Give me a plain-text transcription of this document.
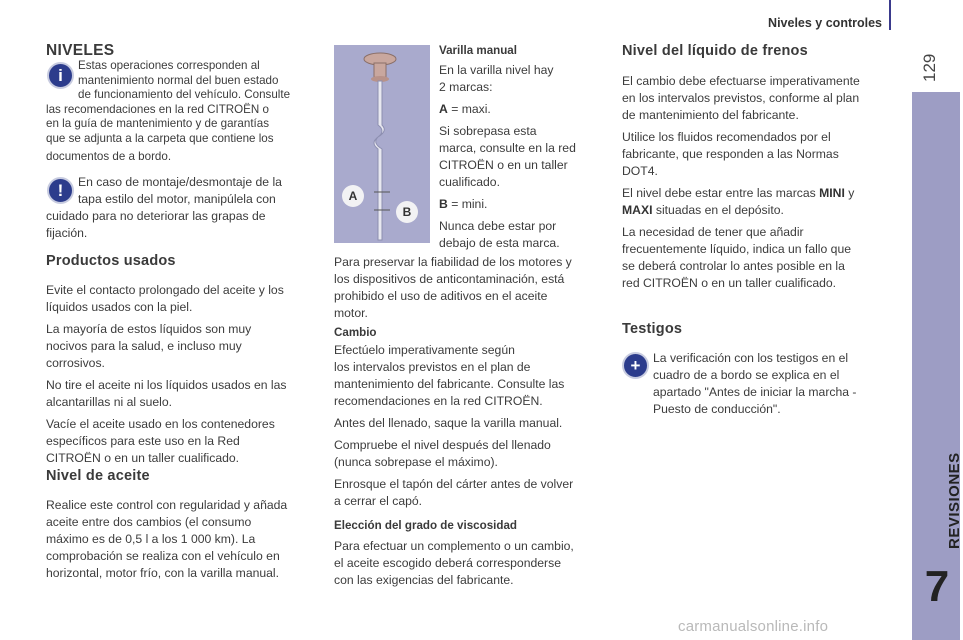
Niveles y controles
129
REVISIONES
7
NIVELES
i
Estas operaciones corresponden al
mantenimiento normal del buen estado
de funcionamiento del vehículo. Consulte
las recomendaciones en la red CITROËN o
en la guía de mantenimiento y de garantías
que se adjunta a la carpeta que contiene los
documentos de a bordo.
!	En caso de montaje/desmontaje de la
tapa estilo del motor, manipúlela con
cuidado para no deteriorar las grapas de
fijación.
Productos usados
Evite el contacto prolongado del aceite y los
líquidos usados con la piel.
La mayoría de estos líquidos son muy
nocivos para la salud, e incluso muy
corrosivos.
No tire el aceite ni los líquidos usados en las
alcantarillas ni al suelo.
Vacíe el aceite usado en los contenedores
específicos para este uso en la Red
CITROËN o en un taller cualificado.
Nivel de aceite
Realice este control con regularidad y añada
aceite entre dos cambios (el consumo
máximo es de 0,5 l a los 1 000 km). La
comprobación se realiza con el vehículo en
horizontal, motor frío, con la varilla manual.
A
B
Varilla manual
En la varilla nivel hay
2 marcas:
A = maxi.
Si sobrepasa esta
marca, consulte en la red
CITROËN o en un taller
cualificado.
B = mini.
Nunca debe estar por
debajo de esta marca.
Para preservar la fiabilidad de los motores y
los dispositivos de anticontaminación, está
prohibido el uso de aditivos en el aceite
motor.
Cambio
Efectúelo imperativamente según
los intervalos previstos en el plan de
mantenimiento del fabricante. Consulte las
recomendaciones en la red CITROËN.
Antes del llenado, saque la varilla manual.
Compruebe el nivel después del llenado
(nunca sobrepase el máximo).
Enrosque el tapón del cárter antes de volver
a cerrar el capó.
Elección del grado de viscosidad
Para efectuar un complemento o un cambio,
el aceite escogido deberá corresponderse
con las exigencias del fabricante.
Nivel del líquido de frenos
El cambio debe efectuarse imperativamente
en los intervalos previstos, conforme al plan
de mantenimiento del fabricante.
Utilice los fluidos recomendados por el
fabricante, que responden a las Normas
DOT4.
El nivel debe estar entre las marcas MINI y
MAXI situadas en el depósito.
La necesidad de tener que añadir
frecuentemente líquido, indica un fallo que
se deberá controlar lo antes posible en la
red CITROËN o en un taller cualificado.
Testigos
+	La verificación con los testigos en el
cuadro de a bordo se explica en el
apartado "Antes de iniciar la marcha -
Puesto de conducción".
carmanualsonline.info
